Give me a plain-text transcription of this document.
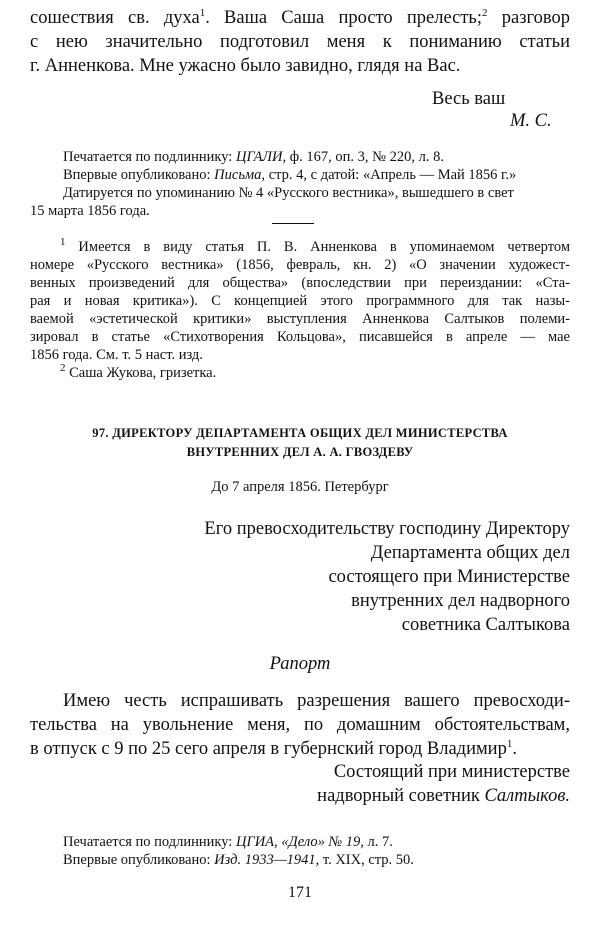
сошествия св. духа$^1$. Ваша Саша просто прелесть;$^2$ разговор
с нею значительно подготовил меня к пониманию статьи
г. Анненкова. Мне ужасно было завидно, глядя на Вас.
Весь ваш
М. С.
Печатается по подлиннику: ЦГАЛИ, ф. 167, оп. 3, № 220, л. 8.
Впервые опубликовано: Письма, стр. 4, с датой: «Апрель — Май 1856 г.»
Датируется по упоминанию № 4 «Русского вестника», вышедшего в свет
15 марта 1856 года.
$^1$ Имеется в виду статья П. В. Анненкова в упоминаемом четвертом
номере «Русского вестника» (1856, февраль, кн. 2) «О значении художест-
венных произведений для общества» (впоследствии при переиздании: «Ста-
рая и новая критика»). С концепцией этого программного для так назы-
ваемой «эстетической критики» выступления Анненкова Салтыков полеми-
зировал в статье «Стихотворения Кольцова», писавшейся в апреле — мае
1856 года. См. т. 5 наст. изд.
$^2$ Саша Жукова, гризетка.
97. ДИРЕКТОРУ ДЕПАРТАМЕНТА ОБЩИХ ДЕЛ МИНИСТЕРСТВА
ВНУТРЕННИХ ДЕЛ А. А. ГВОЗДЕВУ
До 7 апреля 1856. Петербург
Его превосходительству господину Директору
Департамента общих дел
состоящего при Министерстве
внутренних дел надворного
советника Салтыкова
Рапорт
Имею честь испрашивать разрешения вашего превосходи-
тельства на увольнение меня, по домашним обстоятельствам,
в отпуск с 9 по 25 сего апреля в губернский город Владимир$^1$.
Состоящий при министерстве
надворный советник Салтыков.
Печатается по подлиннику: ЦГИА, «Дело» № 19, л. 7.
Впервые опубликовано: Изд. 1933—1941, т. XIX, стр. 50.
171
